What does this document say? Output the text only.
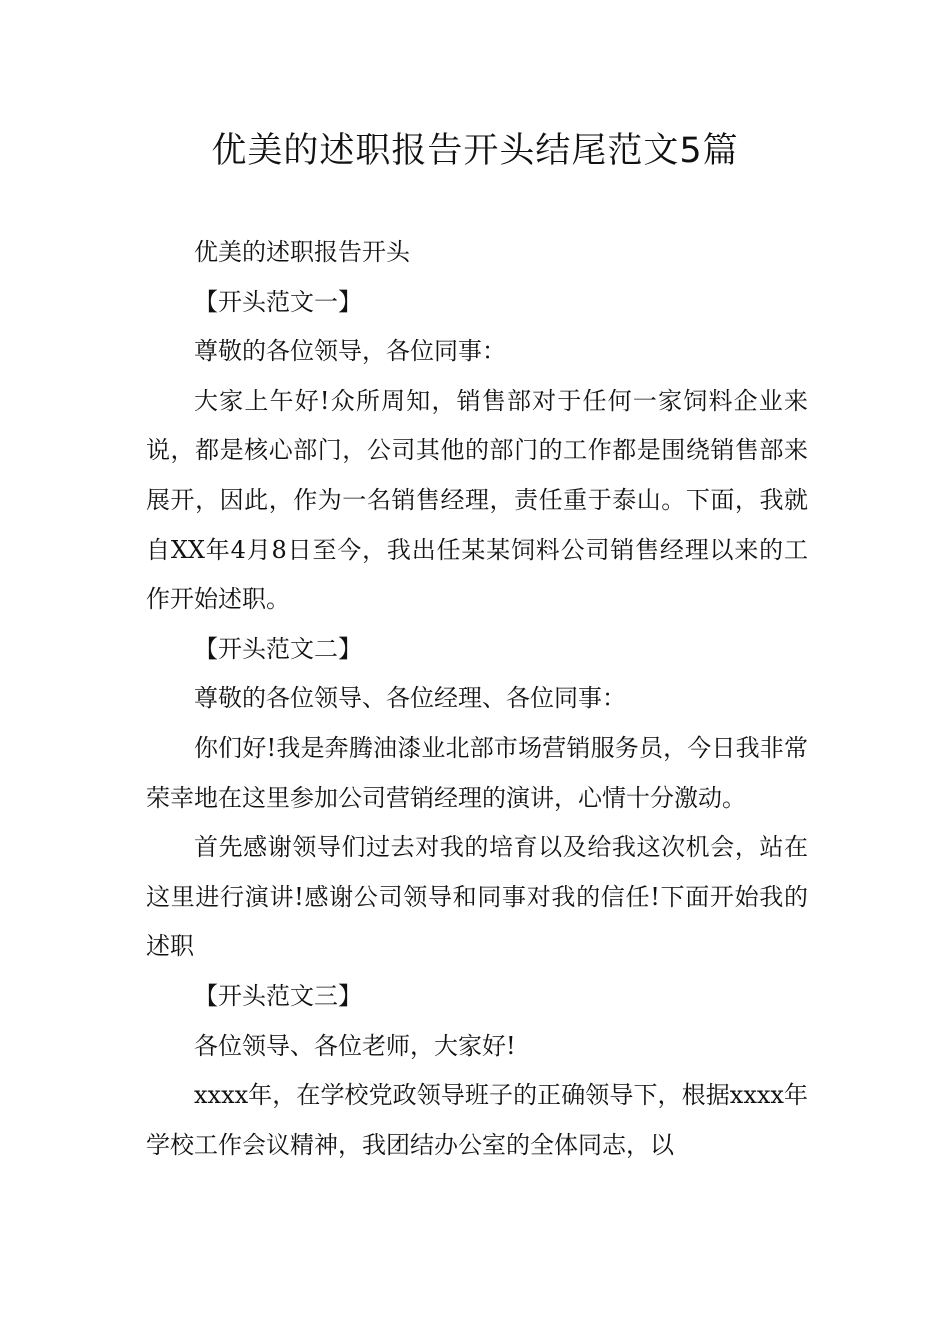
优美的述职报告开头结尾范文5篇

优美的述职报告开头

【开头范文一】

尊敬的各位领导，各位同事：

大家上午好!众所周知，销售部对于任何一家饲料企业来说，都是核心部门，公司其他的部门的工作都是围绕销售部来展开，因此，作为一名销售经理，责任重于泰山。下面，我就自XX年4月8日至今，我出任某某饲料公司销售经理以来的工作开始述职。

【开头范文二】

尊敬的各位领导、各位经理、各位同事：

你们好!我是奔腾油漆业北部市场营销服务员，今日我非常荣幸地在这里参加公司营销经理的演讲，心情十分激动。

首先感谢领导们过去对我的培育以及给我这次机会，站在这里进行演讲!感谢公司领导和同事对我的信任!下面开始我的述职

【开头范文三】

各位领导、各位老师，大家好!

xxxx年，在学校党政领导班子的正确领导下，根据xxxx年学校工作会议精神，我团结办公室的全体同志，以
